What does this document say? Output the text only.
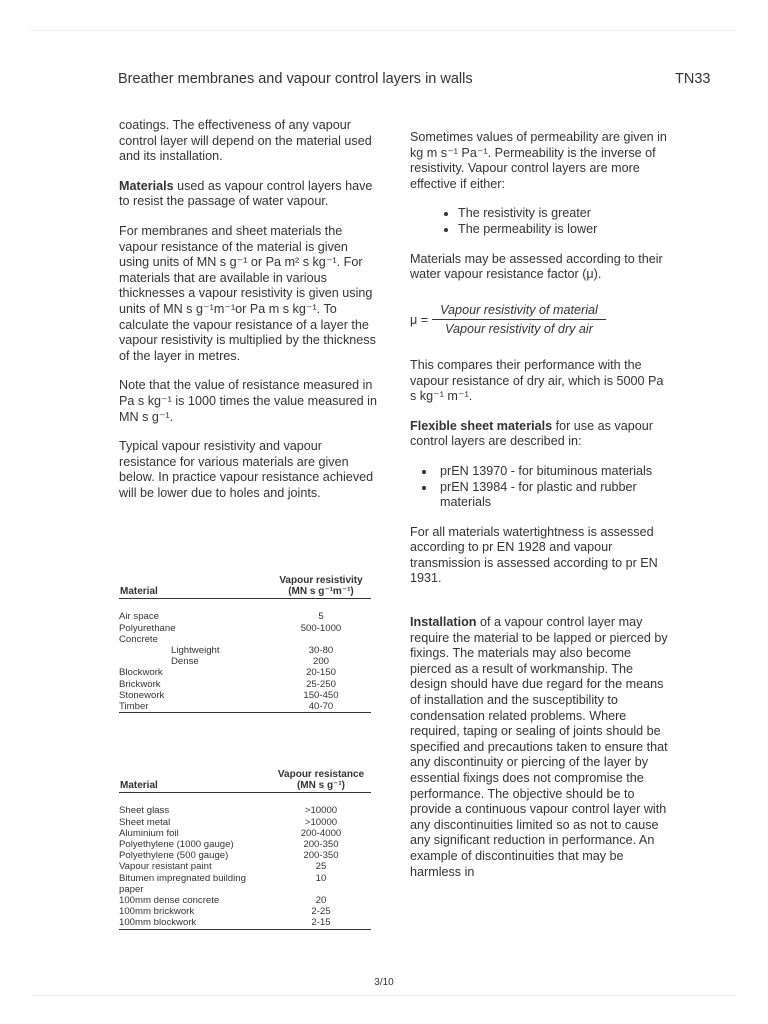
Breather membranes and vapour control layers in walls	TN33

coatings. The effectiveness of any vapour control layer will depend on the material used and its installation.

Materials used as vapour control layers have to resist the passage of water vapour.

For membranes and sheet materials the vapour resistance of the material is given using units of MN s g⁻¹ or Pa m² s kg⁻¹. For materials that are available in various thicknesses a vapour resistivity is given using units of MN s g⁻¹m⁻¹or Pa m s kg⁻¹. To calculate the vapour resistance of a layer the vapour resistivity is multiplied by the thickness of the layer in metres.

Note that the value of resistance measured in Pa s kg⁻¹ is 1000 times the value measured in MN s g⁻¹.

Typical vapour resistivity and vapour resistance for various materials are given below. In practice vapour resistance achieved will be lower due to holes and joints.

Material	Vapour resistivity (MN s g⁻¹m⁻¹)
Air space	5
Polyurethane	500-1000
Concrete	
Lightweight	30-80
Dense	200
Blockwork	20-150
Brickwork	25-250
Stonework	150-450
Timber	40-70
Material	Vapour resistance (MN s g⁻¹)
Sheet glass	>10000
Sheet metal	>10000
Aluminium foil	200-4000
Polyethylene (1000 gauge)	200-350
Polyethylene (500 gauge)	200-350
Vapour resistant paint	25
Bitumen impregnated building paper	10
100mm dense concrete	20
100mm brickwork	2-25
100mm blockwork	2-15

Sometimes values of permeability are given in kg m s⁻¹ Pa⁻¹. Permeability is the inverse of resistivity. Vapour control layers are more effective if either:

• The resistivity is greater
• The permeability is lower

Materials may be assessed according to their water vapour resistance factor (μ).

$\mu = \frac{\text{Vapour resistivity of material}}{\text{Vapour resistivity of dry air}}$

This compares their performance with the vapour resistance of dry air, which is 5000 Pa s kg⁻¹ m⁻¹.

Flexible sheet materials for use as vapour control layers are described in:

• prEN 13970 - for bituminous materials
• prEN 13984 - for plastic and rubber materials

For all materials watertightness is assessed according to pr EN 1928 and vapour transmission is assessed according to pr EN 1931.

Installation of a vapour control layer may require the material to be lapped or pierced by fixings. The materials may also become pierced as a result of workmanship. The design should have due regard for the means of installation and the susceptibility to condensation related problems. Where required, taping or sealing of joints should be specified and precautions taken to ensure that any discontinuity or piercing of the layer by essential fixings does not compromise the performance. The objective should be to provide a continuous vapour control layer with any discontinuities limited so as not to cause any significant reduction in performance. An example of discontinuities that may be harmless in

3/10
